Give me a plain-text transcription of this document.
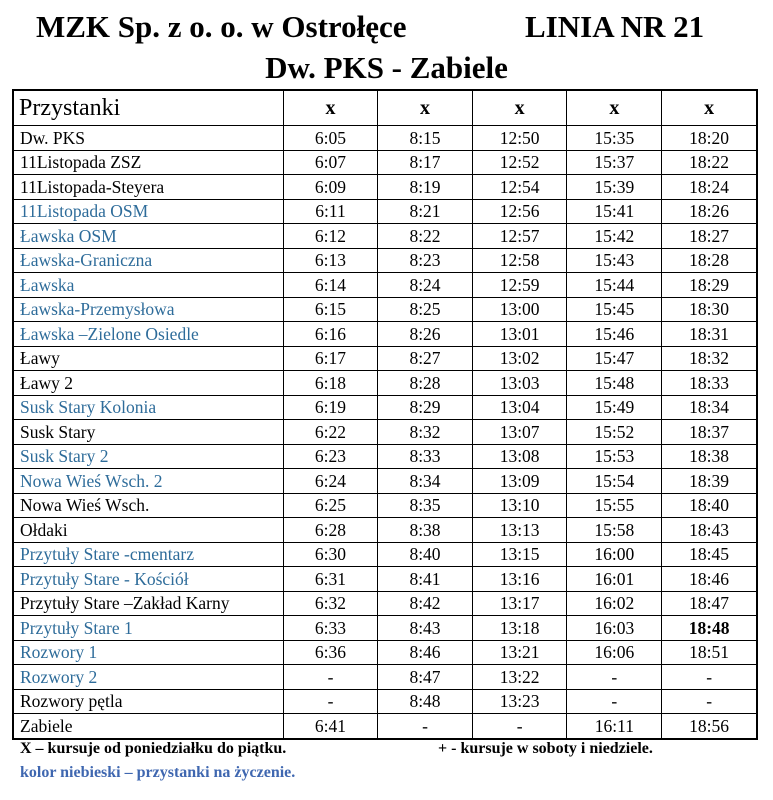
MZK Sp. z o. o. w Ostrołęce	LINIA NR 21
Dw. PKS - Zabiele
Przystanki	x	x	x	x	x
Dw. PKS	6:05	8:15	12:50	15:35	18:20
11Listopada ZSZ	6:07	8:17	12:52	15:37	18:22
11Listopada-Steyera	6:09	8:19	12:54	15:39	18:24
11Listopada OSM	6:11	8:21	12:56	15:41	18:26
Ławska OSM	6:12	8:22	12:57	15:42	18:27
Ławska-Graniczna	6:13	8:23	12:58	15:43	18:28
Ławska	6:14	8:24	12:59	15:44	18:29
Ławska-Przemysłowa	6:15	8:25	13:00	15:45	18:30
Ławska –Zielone Osiedle	6:16	8:26	13:01	15:46	18:31
Ławy	6:17	8:27	13:02	15:47	18:32
Ławy 2	6:18	8:28	13:03	15:48	18:33
Susk Stary Kolonia	6:19	8:29	13:04	15:49	18:34
Susk Stary	6:22	8:32	13:07	15:52	18:37
Susk Stary 2	6:23	8:33	13:08	15:53	18:38
Nowa Wieś Wsch. 2	6:24	8:34	13:09	15:54	18:39
Nowa Wieś Wsch.	6:25	8:35	13:10	15:55	18:40
Ołdaki	6:28	8:38	13:13	15:58	18:43
Przytuły Stare -cmentarz	6:30	8:40	13:15	16:00	18:45
Przytuły Stare - Kościół	6:31	8:41	13:16	16:01	18:46
Przytuły Stare –Zakład Karny	6:32	8:42	13:17	16:02	18:47
Przytuły Stare 1	6:33	8:43	13:18	16:03	18:48
Rozwory 1	6:36	8:46	13:21	16:06	18:51
Rozwory 2	-	8:47	13:22	-	-
Rozwory pętla	-	8:48	13:23	-	-
Zabiele	6:41	-	-	16:11	18:56
X – kursuje od poniedziałku do piątku.	+ - kursuje w soboty i niedziele.
kolor niebieski – przystanki na życzenie.
